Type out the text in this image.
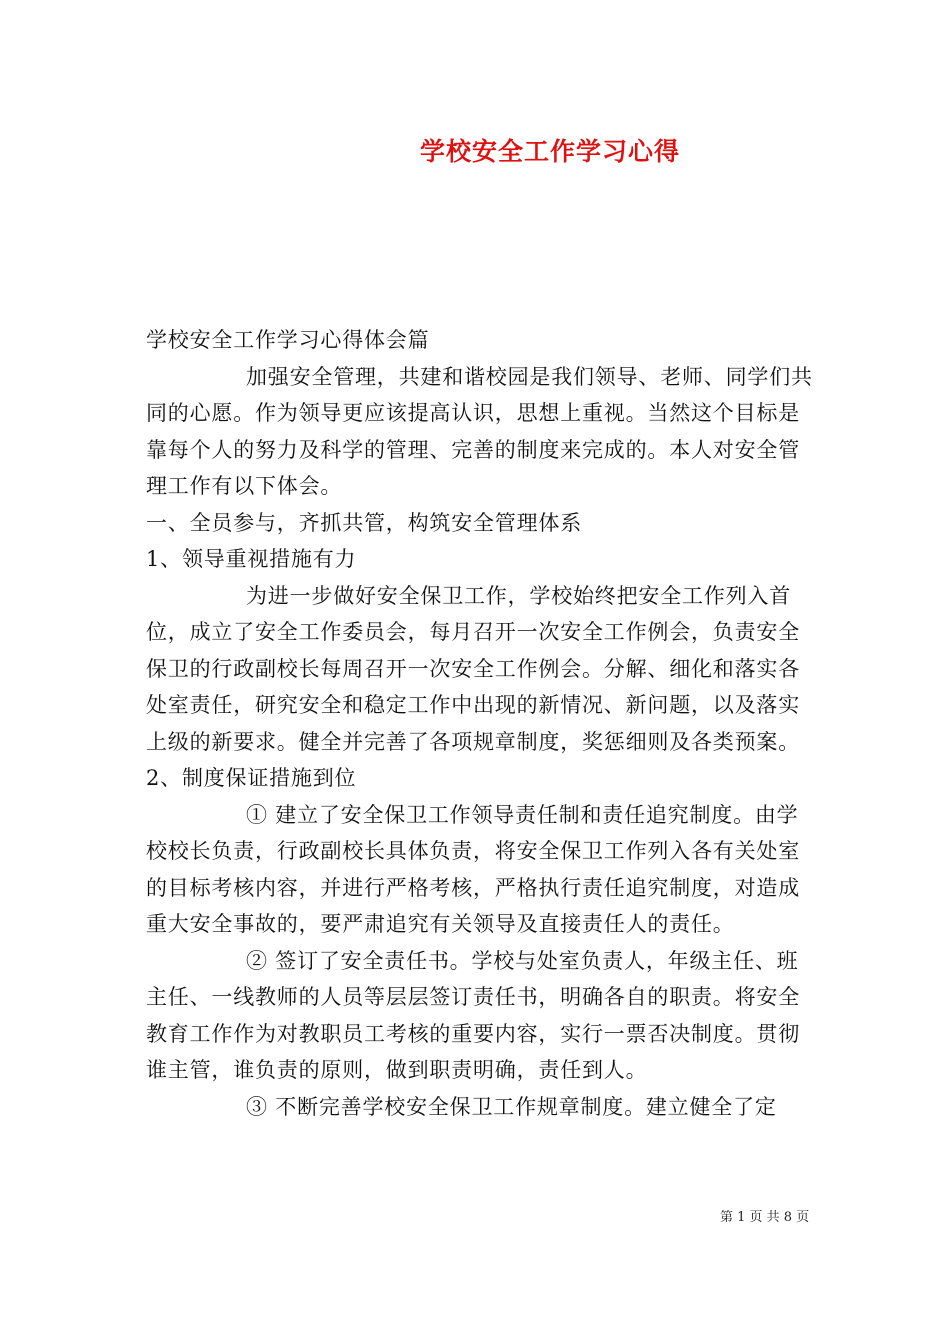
学校安全工作学习心得

学校安全工作学习心得体会篇

加强安全管理，共建和谐校园是我们领导、老师、同学们共同的心愿。作为领导更应该提高认识，思想上重视。当然这个目标是靠每个人的努力及科学的管理、完善的制度来完成的。本人对安全管理工作有以下体会。

一、全员参与，齐抓共管，构筑安全管理体系

1、领导重视措施有力

为进一步做好安全保卫工作，学校始终把安全工作列入首位，成立了安全工作委员会，每月召开一次安全工作例会，负责安全保卫的行政副校长每周召开一次安全工作例会。分解、细化和落实各处室责任，研究安全和稳定工作中出现的新情况、新问题，以及落实上级的新要求。健全并完善了各项规章制度，奖惩细则及各类预案。

2、制度保证措施到位

① 建立了安全保卫工作领导责任制和责任追究制度。由学校校长负责，行政副校长具体负责，将安全保卫工作列入各有关处室的目标考核内容，并进行严格考核，严格执行责任追究制度，对造成重大安全事故的，要严肃追究有关领导及直接责任人的责任。

② 签订了安全责任书。学校与处室负责人，年级主任、班主任、一线教师的人员等层层签订责任书，明确各自的职责。将安全教育工作作为对教职员工考核的重要内容，实行一票否决制度。贯彻谁主管，谁负责的原则，做到职责明确，责任到人。

③ 不断完善学校安全保卫工作规章制度。建立健全了定

第 1 页 共 8 页
